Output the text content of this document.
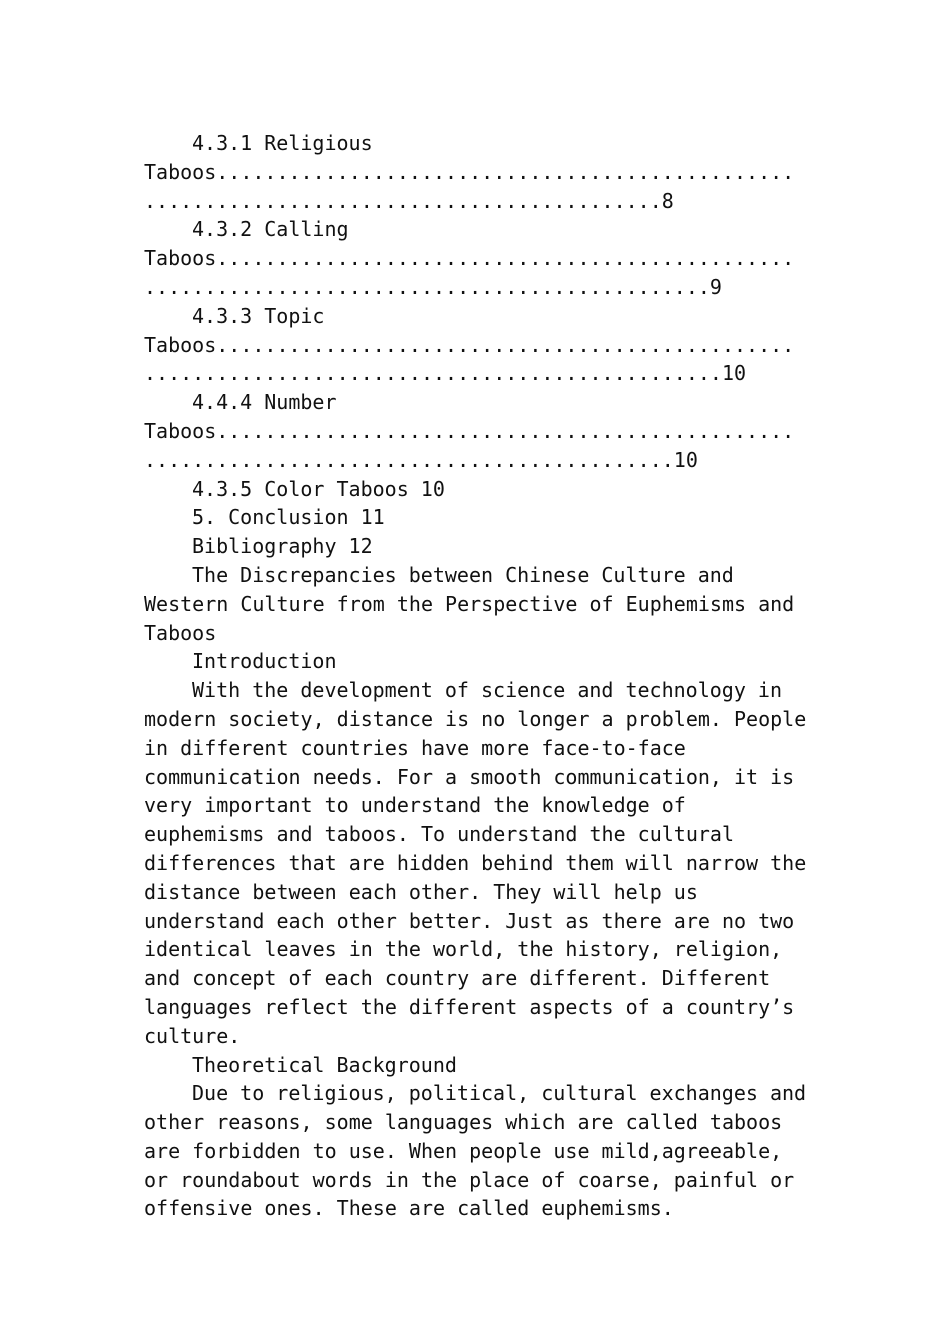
4.3.1 Religious
Taboos................................................
...........................................8
4.3.2 Calling
Taboos................................................
...............................................9
4.3.3 Topic
Taboos................................................
................................................10
4.4.4 Number
Taboos................................................
............................................10
4.3.5 Color Taboos 10
5. Conclusion 11
Bibliography 12
The Discrepancies between Chinese Culture and
Western Culture from the Perspective of Euphemisms and
Taboos
Introduction
With the development of science and technology in
modern society, distance is no longer a problem. People
in different countries have more face-to-face
communication needs. For a smooth communication, it is
very important to understand the knowledge of
euphemisms and taboos. To understand the cultural
differences that are hidden behind them will narrow the
distance between each other. They will help us
understand each other better. Just as there are no two
identical leaves in the world, the history, religion,
and concept of each country are different. Different
languages reflect the different aspects of a country’s
culture.
Theoretical Background
Due to religious, political, cultural exchanges and
other reasons, some languages which are called taboos
are forbidden to use. When people use mild,agreeable,
or roundabout words in the place of coarse, painful or
offensive ones. These are called euphemisms.
